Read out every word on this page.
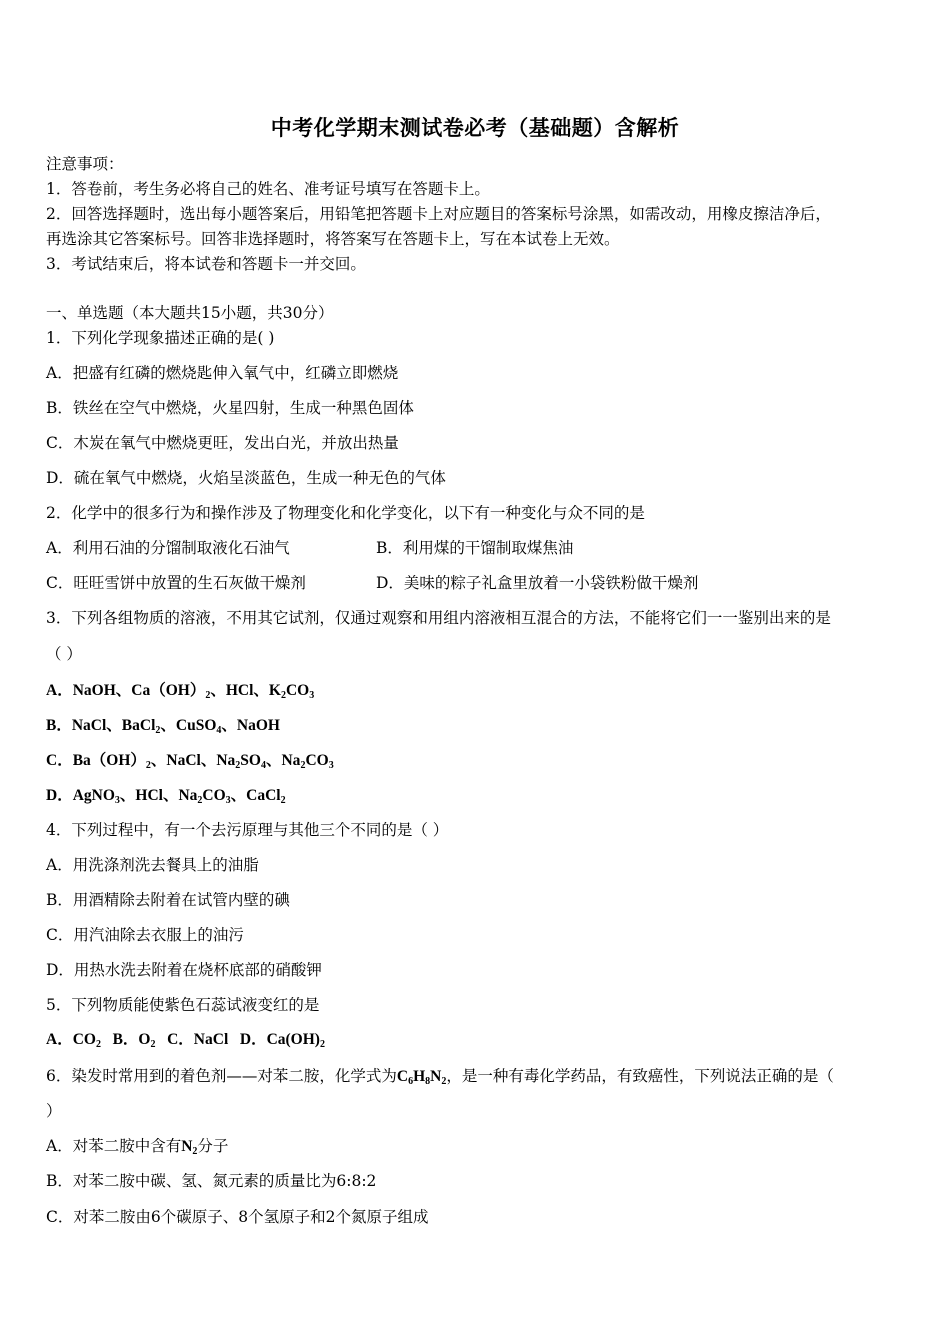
中考化学期末测试卷必考（基础题）含解析
注意事项：
1．答卷前，考生务必将自己的姓名、准考证号填写在答题卡上。
2．回答选择题时，选出每小题答案后，用铅笔把答题卡上对应题目的答案标号涂黑，如需改动，用橡皮擦洁净后，
再选涂其它答案标号。回答非选择题时，将答案写在答题卡上，写在本试卷上无效。
3．考试结束后，将本试卷和答题卡一并交回。
一、单选题（本大题共15小题，共30分）
1．下列化学现象描述正确的是( )
A．把盛有红磷的燃烧匙伸入氧气中，红磷立即燃烧
B．铁丝在空气中燃烧，火星四射，生成一种黑色固体
C．木炭在氧气中燃烧更旺，发出白光，并放出热量
D．硫在氧气中燃烧，火焰呈淡蓝色，生成一种无色的气体
2．化学中的很多行为和操作涉及了物理变化和化学变化，以下有一种变化与众不同的是
A．利用石油的分馏制取液化石油气	B．利用煤的干馏制取煤焦油
C．旺旺雪饼中放置的生石灰做干燥剂	D．美味的粽子礼盒里放着一小袋铁粉做干燥剂
3．下列各组物质的溶液，不用其它试剂，仅通过观察和用组内溶液相互混合的方法，不能将它们一一鉴别出来的是
（ ）
A．NaOH、$Ca(OH)_2$、HCl、$K_2CO_3$
B．NaCl、BaCl$_2$、CuSO$_4$、NaOH
C．$Ba(OH)_2$、NaCl、$Na_2SO_4$、$Na_2CO_3$
D．AgNO$_3$、HCl、$Na_2CO_3$、CaCl$_2$
4．下列过程中，有一个去污原理与其他三个不同的是（ ）
A．用洗涤剂洗去餐具上的油脂
B．用酒精除去附着在试管内壁的碘
C．用汽油除去衣服上的油污
D．用热水洗去附着在烧杯底部的硝酸钾
5．下列物质能使紫色石蕊试液变红的是
A．$CO_2$   B．$O_2$   C．NaCl   D．$Ca(OH)_2$
6．染发时常用到的着色剂——对苯二胺，化学式为$C_6H_8N_2$，是一种有毒化学药品，有致癌性，下列说法正确的是（
）
A．对苯二胺中含有$N_2$分子
B．对苯二胺中碳、氢、氮元素的质量比为6:8:2
C．对苯二胺由6个碳原子、8个氢原子和2个氮原子组成
